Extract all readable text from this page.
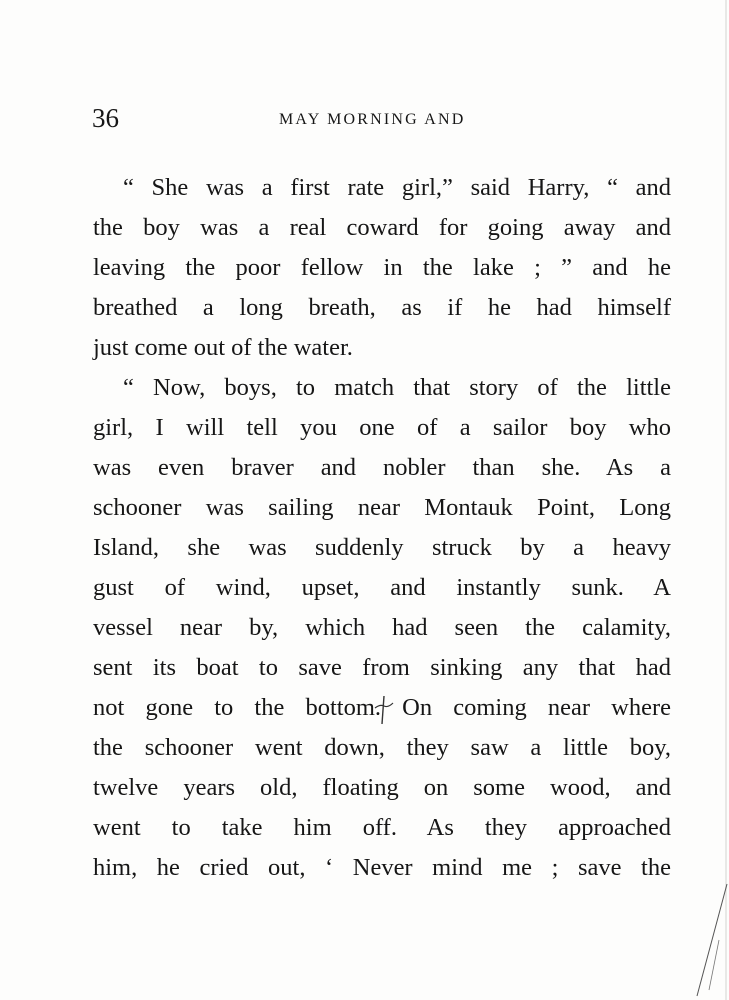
36	MAY MORNING AND
“ She was a first rate girl,” said Harry, “ and
the boy was a real coward for going away and
leaving the poor fellow in the lake ; ” and he
breathed a long breath, as if he had himself
just come out of the water.
“ Now, boys, to match that story of the little
girl, I will tell you one of a sailor boy who
was even braver and nobler than she. As a
schooner was sailing near Montauk Point, Long
Island, she was suddenly struck by a heavy
gust of wind, upset, and instantly sunk. A
vessel near by, which had seen the calamity,
sent its boat to save from sinking any that had
not gone to the bottom. On coming near where
the schooner went down, they saw a little boy,
twelve years old, floating on some wood, and
went to take him off. As they approached
him, he cried out, ‘ Never mind me ; save the
